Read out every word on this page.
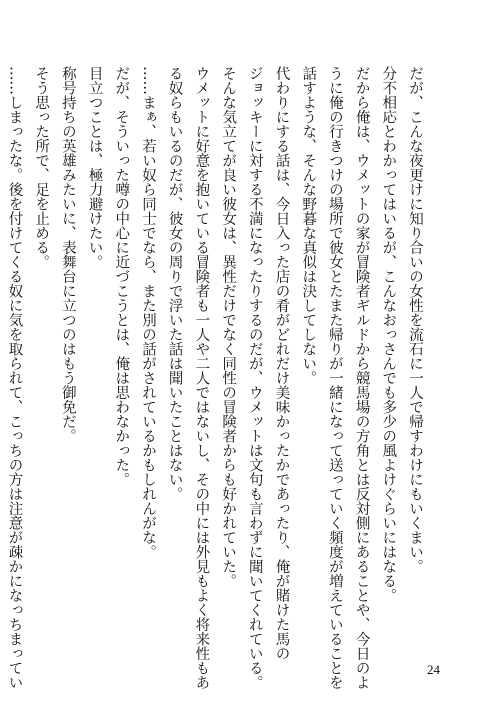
だが、こんな夜更けに知り合いの女性を流石に一人で帰すわけにもいくまい。
分不相応とわかってはいるが、こんなおっさんでも多少の風よけぐらいにはなる。
だから俺は、ウメットの家が冒険者ギルドから競馬場の方角とは反対側にあることや、今日のよ
うに俺の行きつけの場所で彼女とたまた帰りが一緒になって送っていく頻度が増えていることを
話すような、そんな野暮な真似は決してしない。
代わりにする話は、今日入った店の肴がどれだけ美味かったかであったり、俺が賭けた馬の
ジョッキーに対する不満になったりするのだが、ウメットは文句も言わずに聞いてくれている。
そんな気立てが良い彼女は、異性だけでなく同性の冒険者からも好かれていた。
ウメットに好意を抱いている冒険者も一人や二人ではないし、その中には外見もよく将来性もあ
る奴らもいるのだが、彼女の周りで浮いた話は聞いたことはない。
……まぁ、若い奴ら同士でなら、また別の話がされているかもしれんがな。
だが、そういった噂の中心に近づこうとは、俺は思わなかった。
目立つことは、極力避けたい。
称号持ちの英雄みたいに、表舞台に立つのはもう御免だ。
そう思った所で、足を止める。
……しまったな。後を付けてくる奴に気を取られて、こっちの方は注意が疎かになっちまってい	24
